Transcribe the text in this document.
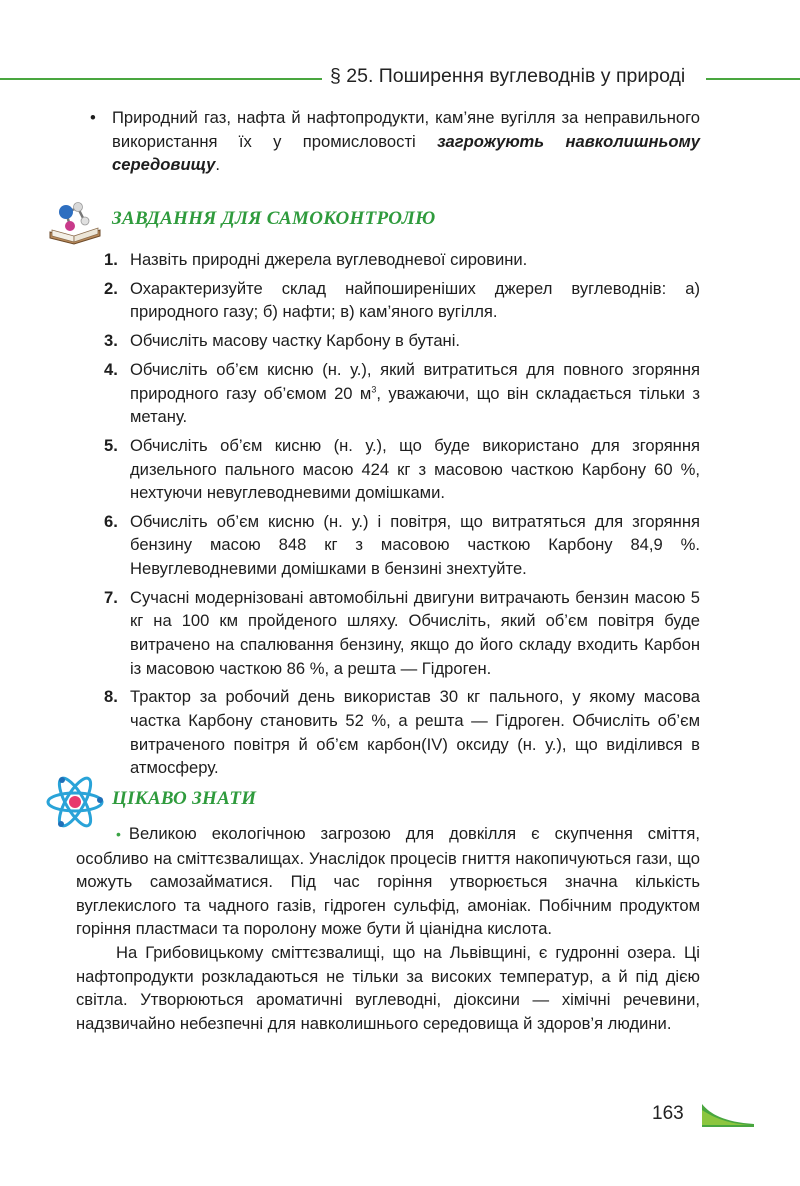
§ 25. Поширення вуглеводнів у природі
• Природний газ, нафта й нафтопродукти, кам’яне вугілля за неправильного використання їх у промисловості загрожують навколишньому середовищу.
ЗАВДАННЯ ДЛЯ САМОКОНТРОЛЮ
1. Назвіть природні джерела вуглеводневої сировини.
2. Охарактеризуйте склад найпоширеніших джерел вуглеводнів: а) природного газу; б) нафти; в) кам’яного вугілля.
3. Обчисліть масову частку Карбону в бутані.
4. Обчисліть об’єм кисню (н. у.), який витратиться для повного згоряння природного газу об’ємом 20 $м^3$, уважаючи, що він складається тільки з метану.
5. Обчисліть об’єм кисню (н. у.), що буде використано для згоряння дизельного пального масою 424 кг з масовою часткою Карбону 60 %, нехтуючи невуглеводневими домішками.
6. Обчисліть об’єм кисню (н. у.) і повітря, що витратяться для згоряння бензину масою 848 кг з масовою часткою Карбону 84,9 %. Невуглеводневими домішками в бензині знехтуйте.
7. Сучасні модернізовані автомобільні двигуни витрачають бензин масою 5 кг на 100 км пройденого шляху. Обчисліть, який об’єм повітря буде витрачено на спалювання бензину, якщо до його складу входить Карбон із масовою часткою 86 %, а решта — Гідроген.
8. Трактор за робочий день використав 30 кг пального, у якому масова частка Карбону становить 52 %, а решта — Гідроген. Обчисліть об’єм витраченого повітря й об’єм карбон(IV) оксиду (н. у.), що виділився в атмосферу.
ЦІКАВО ЗНАТИ

• Великою екологічною загрозою для довкілля є скупчення сміття, особливо на сміттєзвалищах. Унаслідок процесів гниття накопичуються гази, що можуть самозайматися. Під час горіння утворюється значна кількість вуглекислого та чадного газів, гідроген сульфід, амоніак. Побічним продуктом горіння пластмаси та поролону може бути й ціанідна кислота.

На Грибовицькому сміттєзвалищі, що на Львівщині, є гудронні озера. Ці нафтопродукти розкладаються не тільки за високих температур, а й під дією світла. Утворюються ароматичні вуглеводні, діоксини — хімічні речевини, надзвичайно небезпечні для навколишнього середовища й здоров’я людини.

163
